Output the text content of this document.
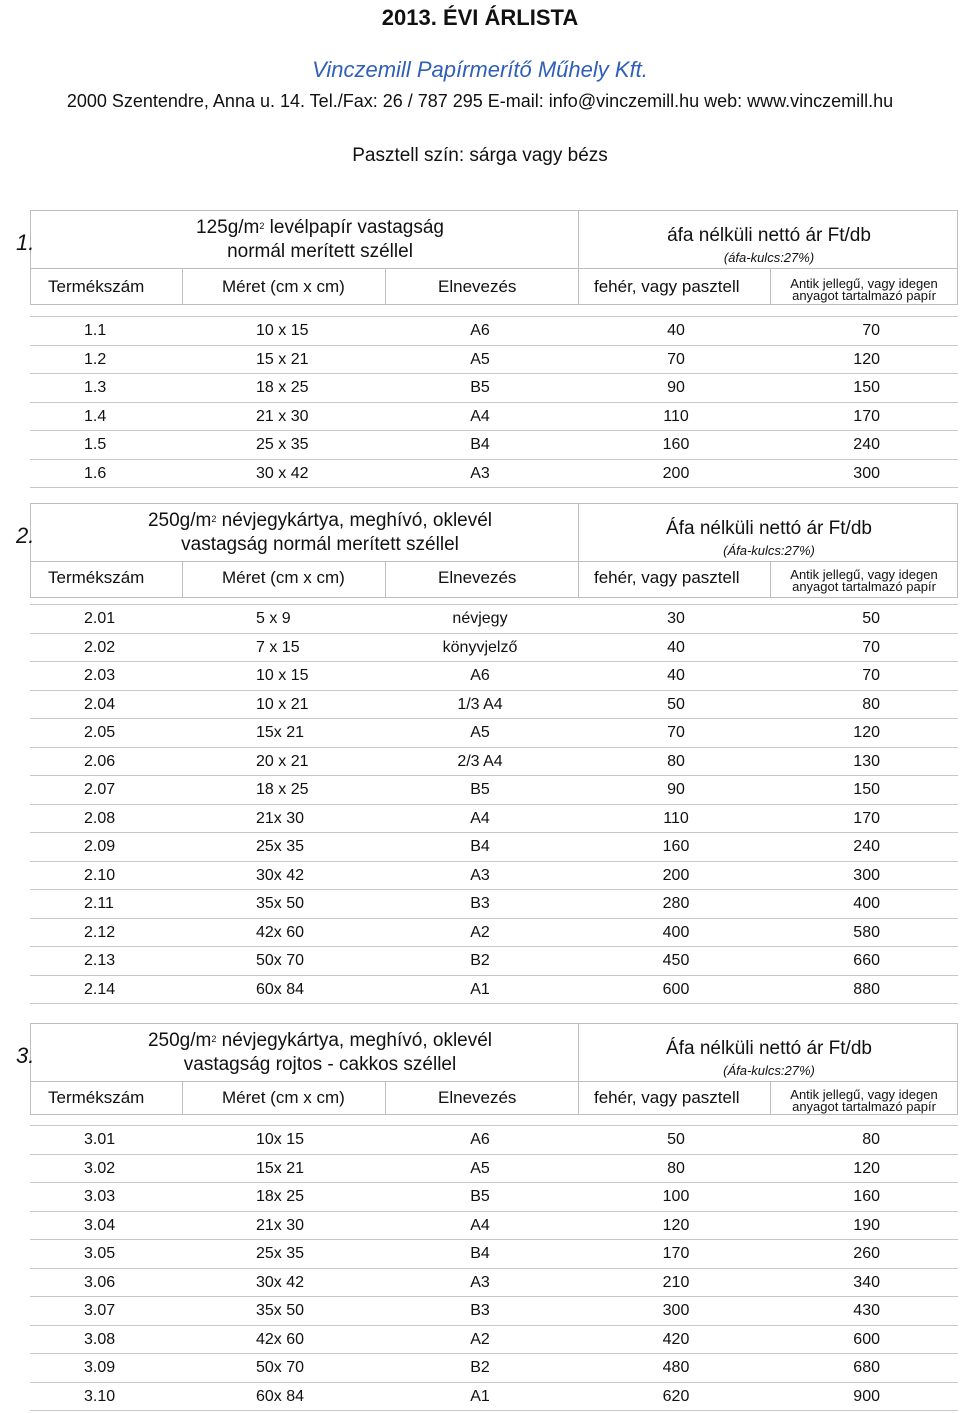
2013. ÉVI ÁRLISTA
Vinczemill Papírmerítő Műhely Kft.
2000 Szentendre, Anna u. 14. Tel./Fax: 26 / 787 295 E-mail: info@vinczemill.hu web: www.vinczemill.hu
Pasztell szín: sárga vagy bézs
1.
$125g/m^2$ levélpapír vastagság
normál merített széllel
áfa nélküli nettó ár Ft/db
(áfa-kulcs:27%)
Termékszám	Méret (cm x cm)	Elnevezés	fehér, vagy pasztell	Antik jellegű, vagy idegen
anyagot tartalmazó papír
1.1	10 x 15	A6	40	70
1.2	15 x 21	A5	70	120
1.3	18 x 25	B5	90	150
1.4	21 x 30	A4	110	170
1.5	25 x 35	B4	160	240
1.6	30 x 42	A3	200	300
2.
$250g/m^2$ névjegykártya, meghívó, oklevél
vastagság normál merített széllel
Áfa nélküli nettó ár Ft/db
(Áfa-kulcs:27%)
Termékszám	Méret (cm x cm)	Elnevezés	fehér, vagy pasztell	Antik jellegű, vagy idegen
anyagot tartalmazó papír
2.01	5 x 9	névjegy	30	50
2.02	7 x 15	könyvjelző	40	70
2.03	10 x 15	A6	40	70
2.04	10 x 21	1/3 A4	50	80
2.05	15x 21	A5	70	120
2.06	20 x 21	2/3 A4	80	130
2.07	18 x 25	B5	90	150
2.08	21x 30	A4	110	170
2.09	25x 35	B4	160	240
2.10	30x 42	A3	200	300
2.11	35x 50	B3	280	400
2.12	42x 60	A2	400	580
2.13	50x 70	B2	450	660
2.14	60x 84	A1	600	880
3.
$250g/m^2$ névjegykártya, meghívó, oklevél
vastagság rojtos - cakkos széllel
Áfa nélküli nettó ár Ft/db
(Áfa-kulcs:27%)
Termékszám	Méret (cm x cm)	Elnevezés	fehér, vagy pasztell	Antik jellegű, vagy idegen
anyagot tartalmazó papír
3.01	10x 15	A6	50	80
3.02	15x 21	A5	80	120
3.03	18x 25	B5	100	160
3.04	21x 30	A4	120	190
3.05	25x 35	B4	170	260
3.06	30x 42	A3	210	340
3.07	35x 50	B3	300	430
3.08	42x 60	A2	420	600
3.09	50x 70	B2	480	680
3.10	60x 84	A1	620	900
